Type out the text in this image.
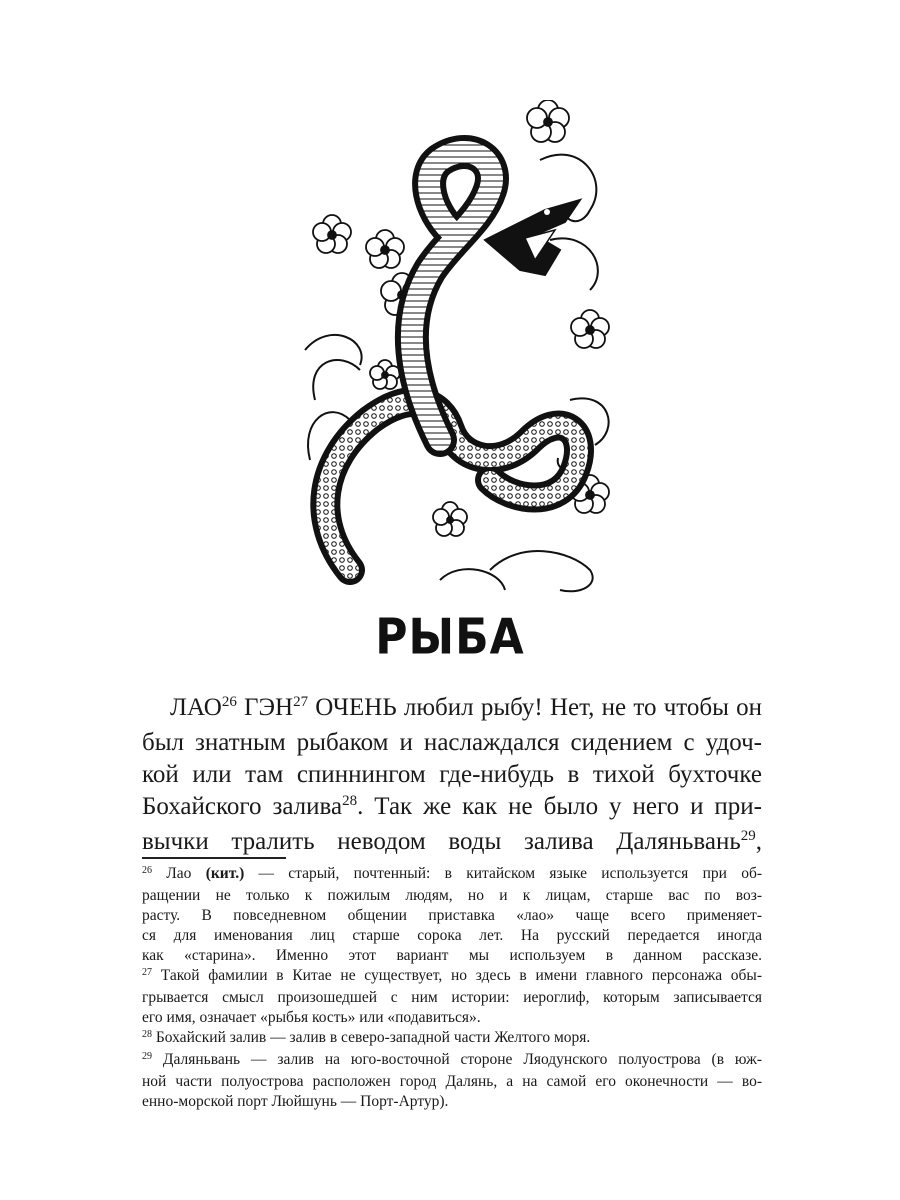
РЫБА
ЛАО$^{26}$ ГЭН$^{27}$ ОЧЕНЬ любил рыбу! Нет, не то чтобы он
был знатным рыбаком и наслаждался сидением с удоч-
кой или там спиннингом где-нибудь в тихой бухточке
Бохайского залива$^{28}$. Так же как не было у него и при-
вычки тралить неводом воды залива Даляньвань$^{29}$,
$^{26}$ Лао (кит.) — старый, почтенный: в китайском языке используется при об-
ращении не только к пожилым людям, но и к лицам, старше вас по воз-
расту. В повседневном общении приставка «лао» чаще всего применяет-
ся для именования лиц старше сорока лет. На русский передается иногда
как «старина». Именно этот вариант мы используем в данном рассказе.
$^{27}$ Такой фамилии в Китае не существует, но здесь в имени главного персонажа обы-
грывается смысл произошедшей с ним истории: иероглиф, которым записывается
его имя, означает «рыбья кость» или «подавиться».
$^{28}$ Бохайский залив — залив в северо-западной части Желтого моря.
$^{29}$ Даляньвань — залив на юго-восточной стороне Ляодунского полуострова (в юж-
ной части полуострова расположен город Далянь, а на самой его оконечности — во-
енно-морской порт Люйшунь — Порт-Артур).
